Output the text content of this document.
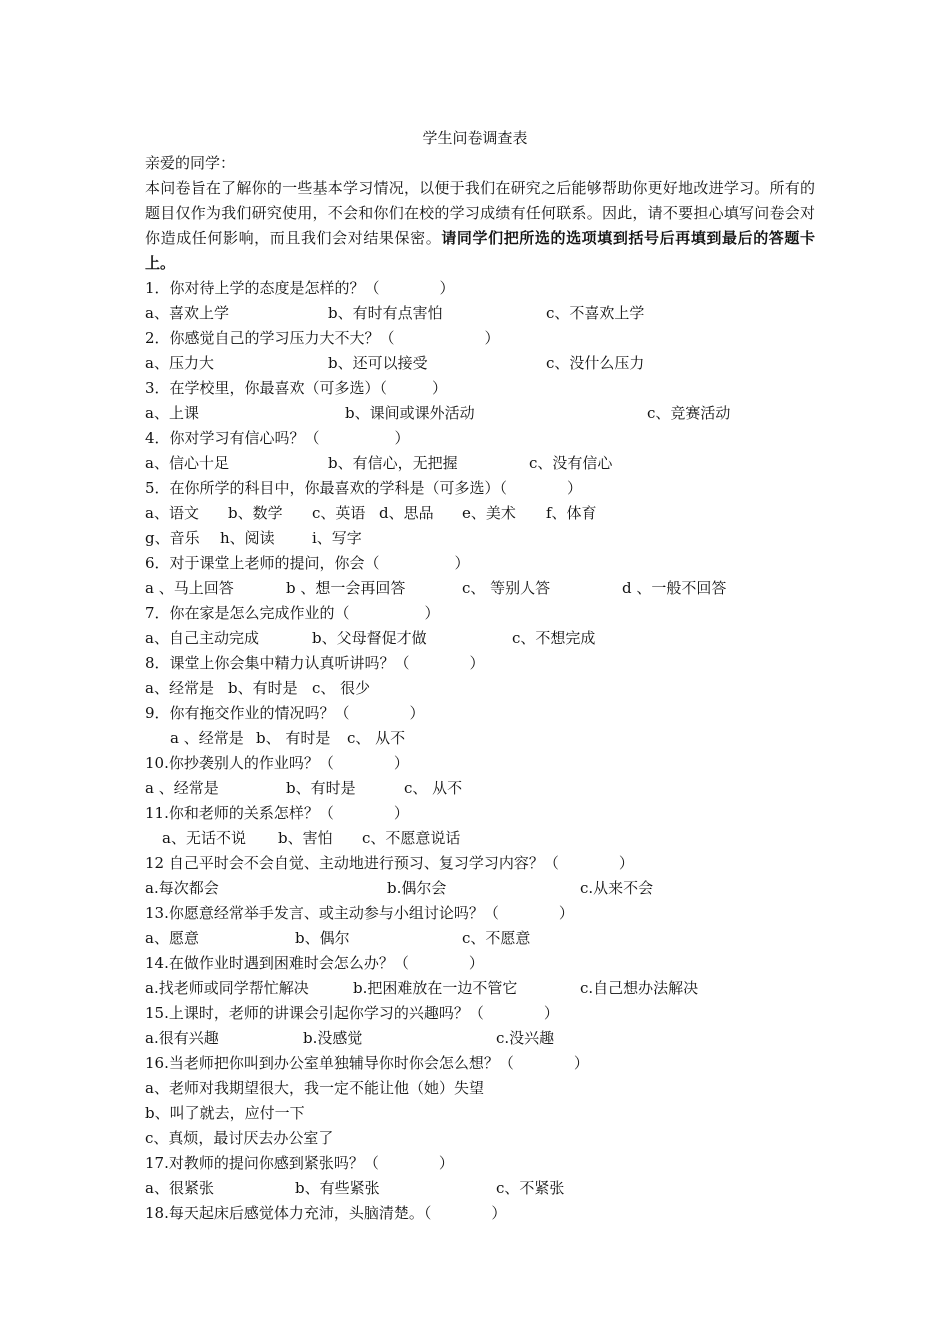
学生问卷调查表
亲爱的同学：
本问卷旨在了解你的一些基本学习情况，以便于我们在研究之后能够帮助你更好地改进学习。所有的题目仅作为我们研究使用，不会和你们在校的学习成绩有任何联系。因此，请不要担心填写问卷会对你造成任何影响，而且我们会对结果保密。请同学们把所选的选项填到括号后再填到最后的答题卡上。
1．你对待上学的态度是怎样的？（　　　　）
a、喜欢上学	b、有时有点害怕	c、不喜欢上学
2．你感觉自己的学习压力大不大？（　　　　　　）
a、压力大	b、还可以接受	c、没什么压力
3．在学校里，你最喜欢（可多选）（　　　）
a、上课	b、课间或课外活动	c、竞赛活动
4．你对学习有信心吗？（　　　　　）
a、信心十足	b、有信心，无把握	c、没有信心
5．在你所学的科目中，你最喜欢的学科是（可多选）（　　　　）
a、语文 b、数学 c、英语 d、思品 e、美术 f、体育
g、音乐 h、阅读 i、写字
6．对于课堂上老师的提问，你会（　　　　　）
a 、马上回答	b 、想一会再回答	c、 等别人答	d 、一般不回答
7．你在家是怎么完成作业的（　　　　　）
a、自己主动完成	b、父母督促才做	c、不想完成
8．课堂上你会集中精力认真听讲吗？（　　　　）
a、经常是 b、有时是 c、 很少
9．你有拖交作业的情况吗？（　　　　）
a 、经常是 b、 有时是 c、 从不
10.你抄袭别人的作业吗？（　　　　）
a 、经常是	b、有时是	c、 从不
11.你和老师的关系怎样？（　　　　）
a、无话不说 b、害怕 c、不愿意说话
12 自己平时会不会自觉、主动地进行预习、复习学习内容？（　　　　）
a.每次都会	b.偶尔会	c.从来不会
13.你愿意经常举手发言、或主动参与小组讨论吗？（　　　　）
a、愿意	b、偶尔	c、不愿意
14.在做作业时遇到困难时会怎么办？（　　　　）
a.找老师或同学帮忙解决	b.把困难放在一边不管它	c.自己想办法解决
15.上课时，老师的讲课会引起你学习的兴趣吗？（　　　　）
a.很有兴趣	b.没感觉	c.没兴趣
16.当老师把你叫到办公室单独辅导你时你会怎么想？（　　　　）
a、老师对我期望很大，我一定不能让他（她）失望
b、叫了就去，应付一下
c、真烦，最讨厌去办公室了
17.对教师的提问你感到紧张吗？（　　　　）
a、很紧张	b、有些紧张	c、不紧张
18.每天起床后感觉体力充沛，头脑清楚。（　　　　）
